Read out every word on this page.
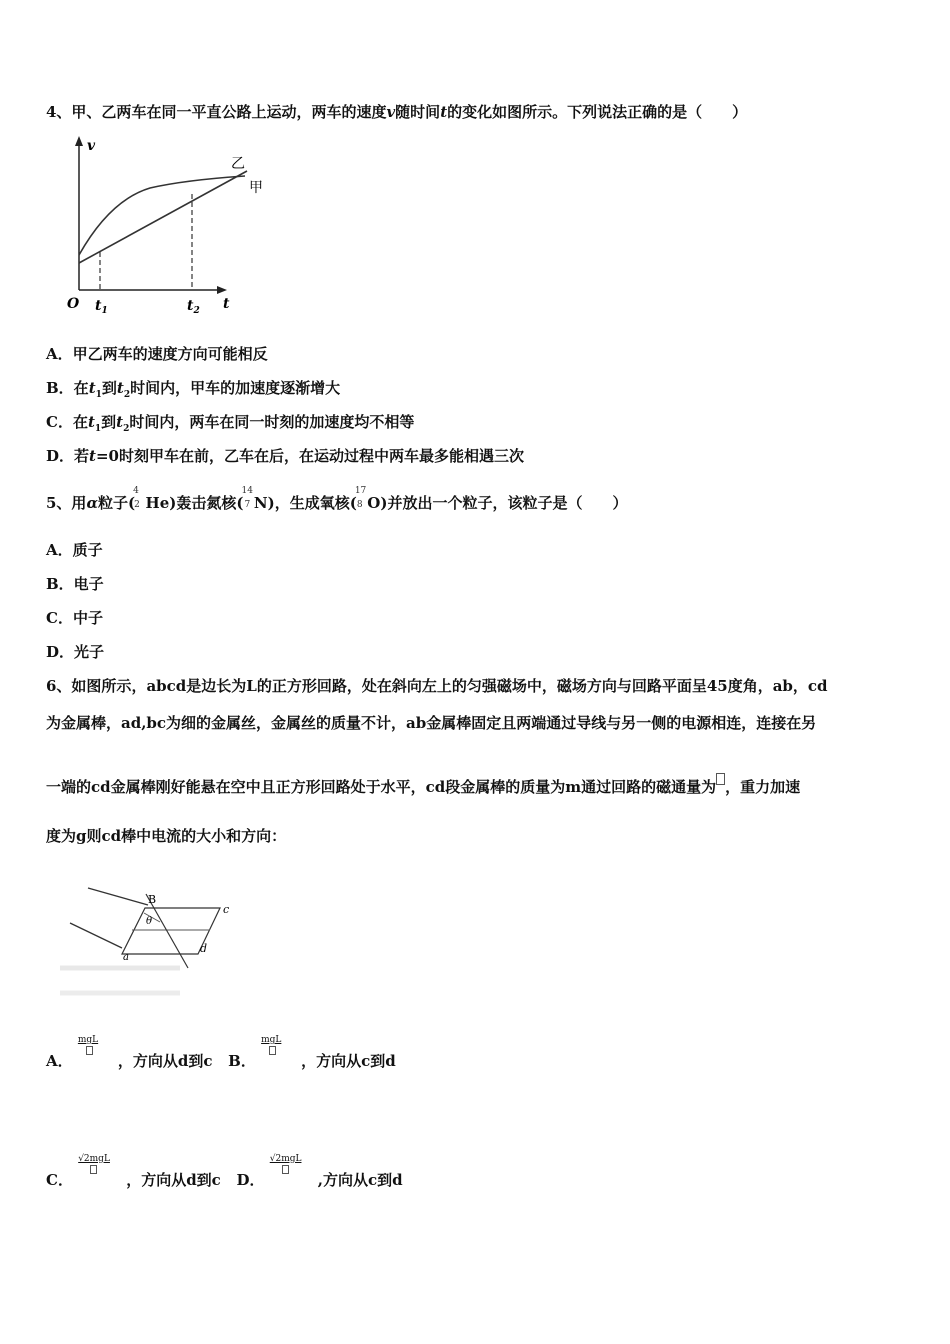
4、甲、乙两车在同一平直公路上运动，两车的速度v随时间t的变化如图所示。下列说法正确的是（　　）
v
t
O $t_1$	$t_2$
乙
甲
A．甲乙两车的速度方向可能相反
B．在$t_1$到$t_2$时间内，甲车的加速度逐渐增大
C．在$t_1$到$t_2$时间内，两车在同一时刻的加速度均不相等
D．若t=0时刻甲车在前，乙车在后，在运动过程中两车最多能相遇三次
5、用α粒子(
4
2 He)轰击氮核(
14
7 N)，生成氧核(
17
8 O)并放出一个粒子，该粒子是（　　）
A．质子
B．电子
C．中子
D．光子
6、如图所示，abcd是边长为L的正方形回路，处在斜向左上的匀强磁场中，磁场方向与回路平面呈45度角，ab，cd
为金属棒，ad,bc为细的金属丝，金属丝的质量不计，ab金属棒固定且两端通过导线与另一侧的电源相连，连接在另
一端的cd金属棒刚好能悬在空中且正方形回路处于水平，cd段金属棒的质量为m通过回路的磁通量为 ，重力加速
度为g则cd棒中电流的大小和方向：
B
θ
c
a
d
A．
mgL
，方向从d到c B．
mgL
，方向从c到d
C．
√2mgL
，方向从d到c D．
√2mgL
,方向从c到d
